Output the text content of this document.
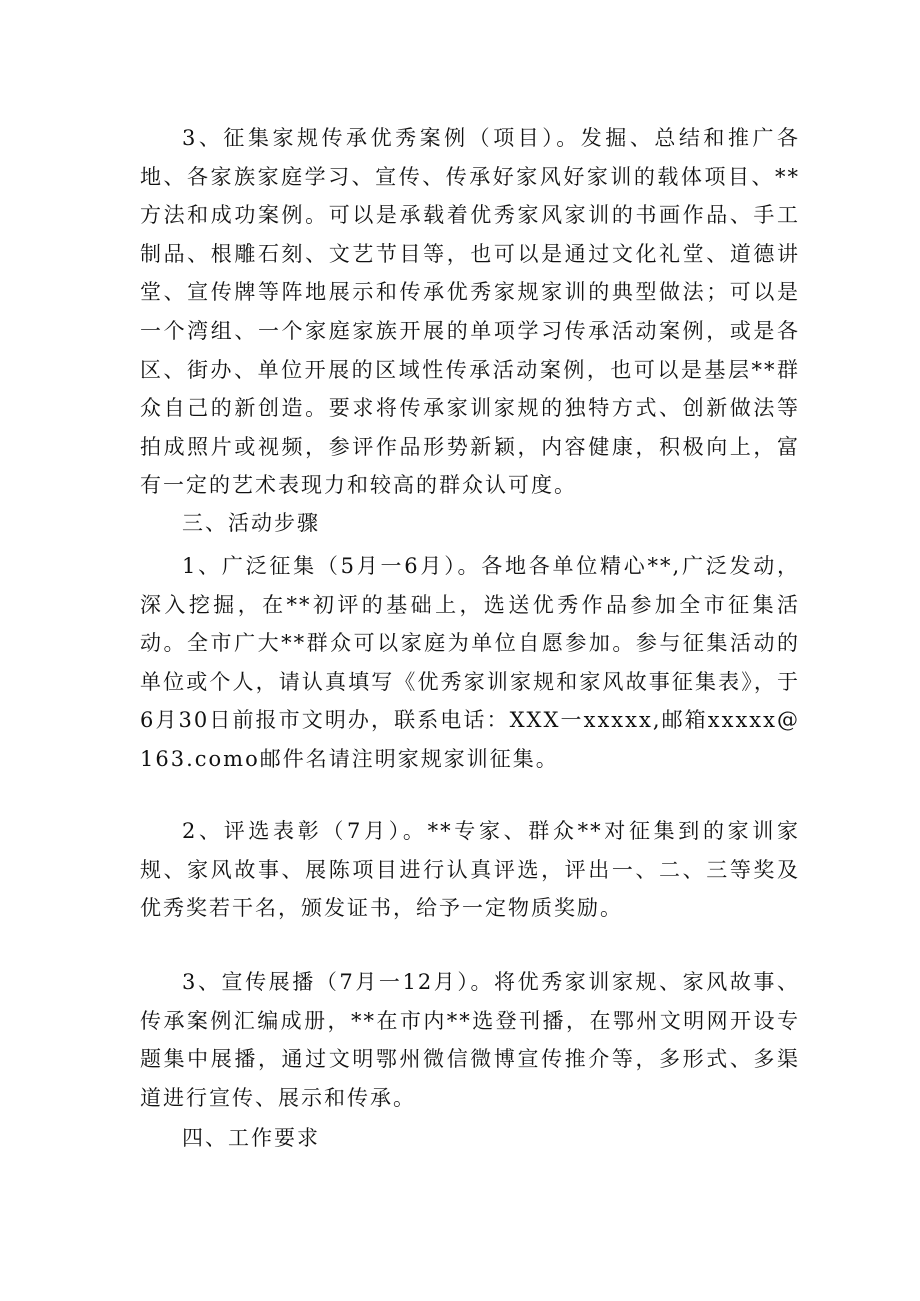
3、征集家规传承优秀案例（项目）。发掘、总结和推广各地、各家族家庭学习、宣传、传承好家风好家训的载体项目、**方法和成功案例。可以是承载着优秀家风家训的书画作品、手工制品、根雕石刻、文艺节目等，也可以是通过文化礼堂、道德讲堂、宣传牌等阵地展示和传承优秀家规家训的典型做法；可以是一个湾组、一个家庭家族开展的单项学习传承活动案例，或是各区、街办、单位开展的区域性传承活动案例，也可以是基层**群众自己的新创造。要求将传承家训家规的独特方式、创新做法等拍成照片或视频，参评作品形势新颖，内容健康，积极向上，富有一定的艺术表现力和较高的群众认可度。

三、活动步骤

1、广泛征集（5月一6月）。各地各单位精心**,广泛发动，深入挖掘，在**初评的基础上，选送优秀作品参加全市征集活动。全市广大**群众可以家庭为单位自愿参加。参与征集活动的单位或个人，请认真填写《优秀家训家规和家风故事征集表》，于6月30日前报市文明办，联系电话：XXX一xxxxx,邮箱xxxxx@163.como邮件名请注明家规家训征集。

2、评选表彰（7月）。**专家、群众**对征集到的家训家规、家风故事、展陈项目进行认真评选，评出一、二、三等奖及优秀奖若干名，颁发证书，给予一定物质奖励。

3、宣传展播（7月一12月）。将优秀家训家规、家风故事、传承案例汇编成册，**在市内**选登刊播，在鄂州文明网开设专题集中展播，通过文明鄂州微信微博宣传推介等，多形式、多渠道进行宣传、展示和传承。

四、工作要求
